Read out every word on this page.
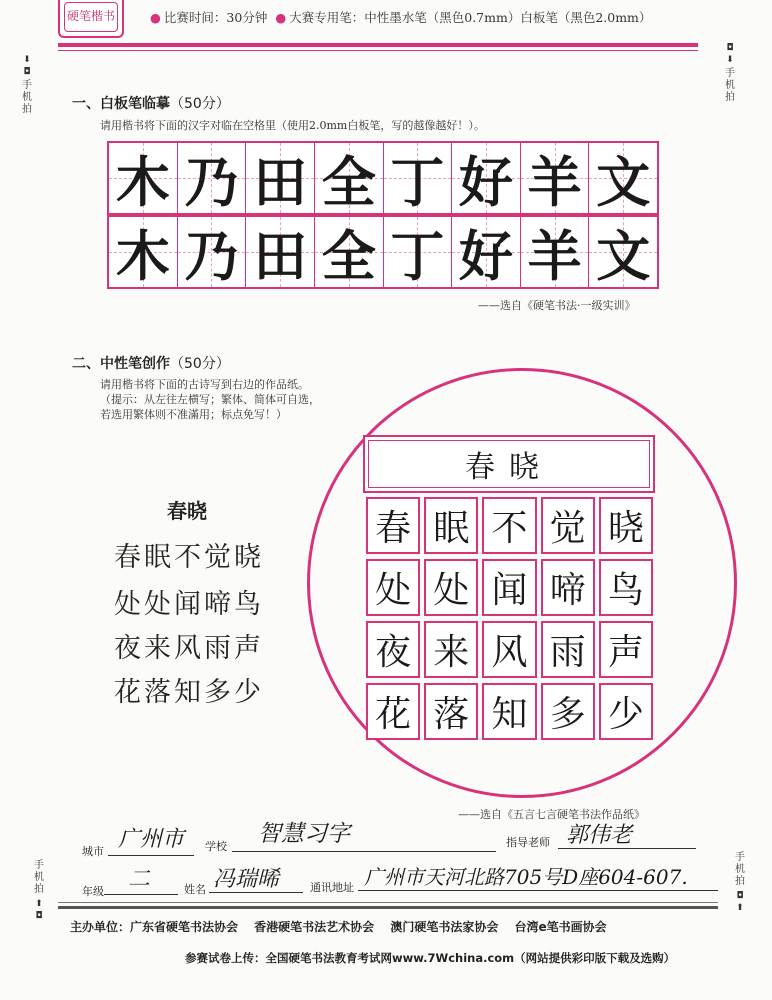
硬笔楷书	● 比赛时间：30分钟 ● 大赛专用笔：中性墨水笔（黑色0.7mm）白板笔（黑色2.0mm）
⬇ ◘
手机拍
◘ ⬇
手机拍
手机拍
⬆ ◘
手机拍
◘ ⬆
一、白板笔临摹（50分）
请用楷书将下面的汉字对临在空格里（使用2.0mm白板笔，写的越像越好！）。
木 乃 田 全 丁 好 羊 文
木 乃 田 全 丁 好 羊 文
——选自《硬笔书法·一级实训》
二、中性笔创作（50分）
请用楷书将下面的古诗写到右边的作品纸。
（提示：从左往左横写；繁体、简体可自选，
若选用繁体则不准滿用；标点免写！）
春晓
春眠不觉晓
处处闻啼鸟
夜来风雨声
花落知多少
春晓
春 眠 不 觉 晓
处 处 闻 啼 鸟
夜 来 风 雨 声
花 落 知 多 少
——选自《五言七言硬笔书法作品纸》
城市 广州市 学校 智慧习字	指导老师 郭伟老
年级 二	姓名 冯瑞晞	通讯地址 广州市天河北路705号D座604-607.
主办单位：广东省硬笔书法协会　 香港硬笔书法艺术协会　 澳门硬笔书法家协会　 台湾e笔书画协会
参赛试卷上传：全国硬笔书法教育考试网www.7Wchina.com（网站提供彩印版下载及选购）
